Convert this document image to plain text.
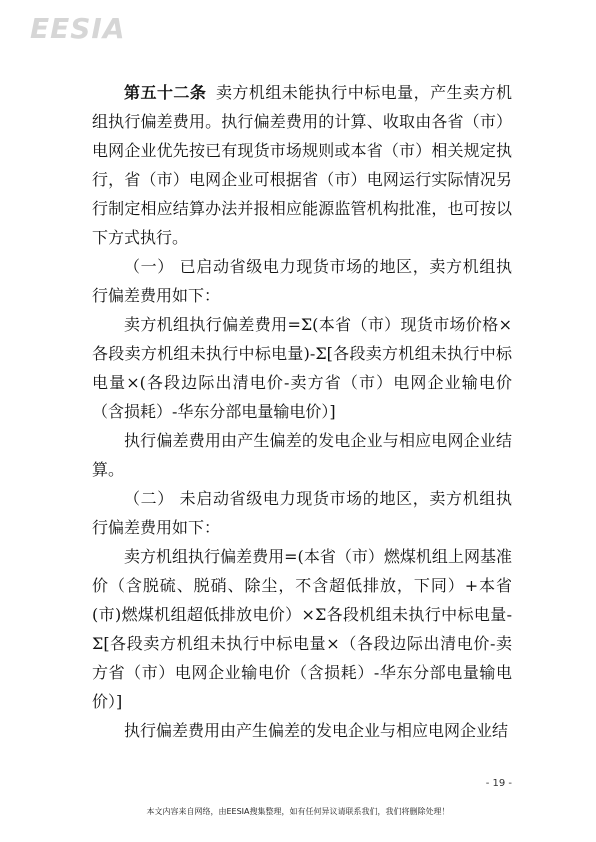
EESIA

第五十二条 卖方机组未能执行中标电量，产生卖方机组执行偏差费用。执行偏差费用的计算、收取由各省（市）电网企业优先按已有现货市场规则或本省（市）相关规定执行，省（市）电网企业可根据省（市）电网运行实际情况另行制定相应结算办法并报相应能源监管机构批准，也可按以下方式执行。

（一） 已启动省级电力现货市场的地区，卖方机组执行偏差费用如下：

卖方机组执行偏差费用=Σ(本省（市）现货市场价格×各段卖方机组未执行中标电量)-Σ[各段卖方机组未执行中标电量×(各段边际出清电价-卖方省（市）电网企业输电价（含损耗）-华东分部电量输电价）]

执行偏差费用由产生偏差的发电企业与相应电网企业结算。

（二） 未启动省级电力现货市场的地区，卖方机组执行偏差费用如下：

卖方机组执行偏差费用=(本省（市）燃煤机组上网基准价（含脱硫、脱硝、除尘，不含超低排放，下同）+本省(市)燃煤机组超低排放电价）×Σ各段机组未执行中标电量-Σ[各段卖方机组未执行中标电量×（各段边际出清电价-卖方省（市）电网企业输电价（含损耗）-华东分部电量输电价）]

执行偏差费用由产生偏差的发电企业与相应电网企业结

- 19 -
本文内容来自网络，由EESIA搜集整理，如有任何异议请联系我们，我们将删除处理！
